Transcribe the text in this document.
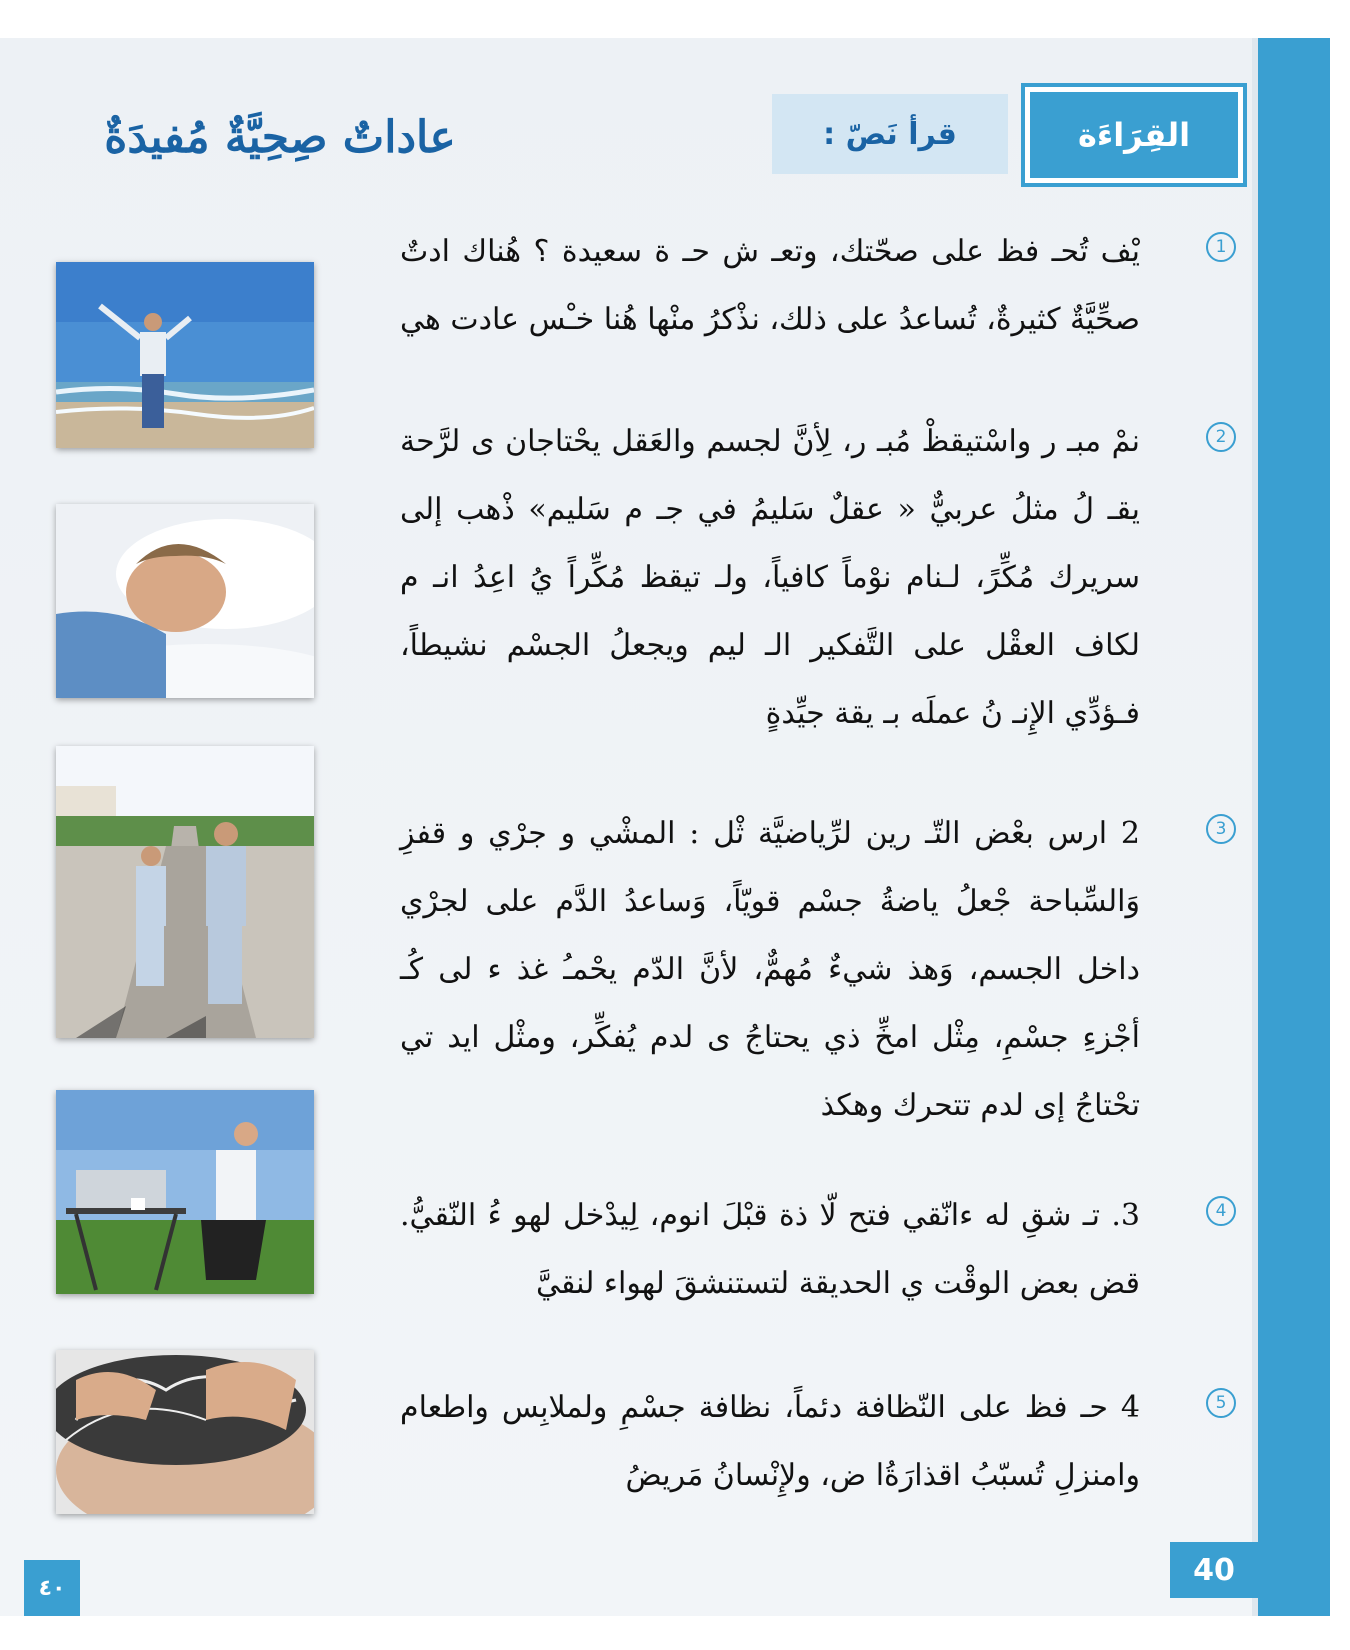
القِرَاءَة
قرأ نَصّ :
عاداتٌ صِحِيَّةٌ مُفيدَةٌ
1
يْف تُحـ فظ على صحّتك، وتعـ ش حـ ة سعيدة ؟ هُناك ادتٌ صحِّيَّةٌ كثيرةٌ، تُساعدُ على ذلك، نذْكرُ منْها هُنا خـْس عادت هي
2
نمْ مبـ ر واسْتيقظْ مُبـ ر، لِأنَّ لجسم والعَقل يحْتاجان ى لرَّحة يقـ لُ مثلُ عربيٌّ « عقلٌ سَليمُ في جـ م سَليم» ذْهب إلى سريرك مُكِّرً، لـنام نوْماً كافياً، ولـ تيقظ مُكِّراً يُ اعِدُ انـ م لكاف العقْل على التَّفكير الـ ليم ويجعلُ الجسْم نشيطاً، فـؤدِّي الإِنـ نُ عملَه بـ يقة جيِّدةٍ
3
2 ارس بعْض التّـ رين لرِّياضيَّة ثْل : المشْي و جرْي و قفزِ وَالسِّباحة جْعلُ ياضةُ جسْم قويّاً، وَساعدُ الدَّم على لجرْي داخل الجسم، وَهذ شيءٌ مُهمٌّ، لأنَّ الدّم يحْمـُ غذ ء لى كُـ أجْزءِ جسْمِ، مِثْل امخِّ ذي يحتاجُ ى لدم يُفكِّر، ومثْل ايد تي تحْتاجُ إى لدم تتحرك وهكذ
4
3. تـ شقِ له ءانّقي فتح لّا ذة قبْلَ انوم، لِيدْخل لهو ءُ النّقيُّ. قض بعض الوقْت ي الحديقة لتستنشقَ لهواء لنقيَّ
5
4 حـ فظ على النّظافة دئماً، نظافة جسْمِ ولملابِس واطعام وامنزلِ تُسبّبُ اقذارَةُا ض، ولإِنْسانُ مَريضُ
40
٤٠
